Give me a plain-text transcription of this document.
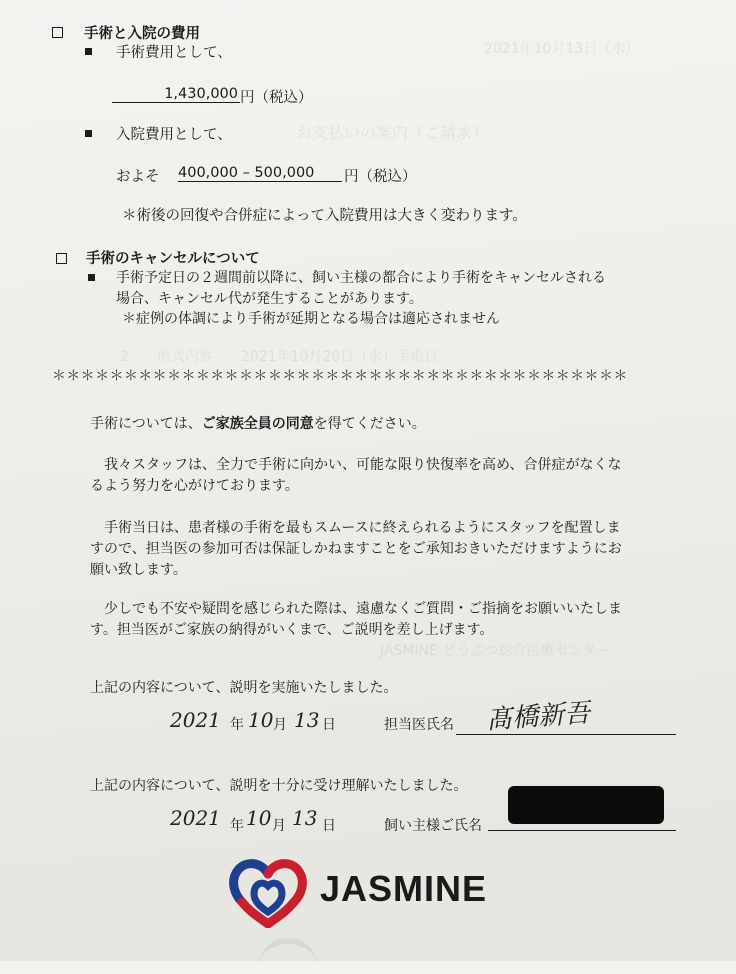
お支払いの案内（ご請求）
2021年10月13日（水）
2　　術式内容　　2021年10月20日（水）手術日
JASMINE どうぶつ総合医療センター
手術と入院の費用
手術費用として、
1,430,000 円（税込）
入院費用として、
およそ 400,000 – 500,000	円（税込）
＊術後の回復や合併症によって入院費用は大きく変わります。
手術のキャンセルについて
手術予定日の２週間前以降に、飼い主様の都合により手術をキャンセルされる
場合、キャンセル代が発生することがあります。
＊症例の体調により手術が延期となる場合は適応されません
＊＊＊＊＊＊＊＊＊＊＊＊＊＊＊＊＊＊＊＊＊＊＊＊＊＊＊＊＊＊＊＊＊＊＊＊＊＊＊＊
手術については、ご家族全員の同意を得てください。
我々スタッフは、全力で手術に向かい、可能な限り快復率を高め、合併症がなくな
るよう努力を心がけております。
手術当日は、患者様の手術を最もスムースに終えられるようにスタッフを配置しま
すので、担当医の参加可否は保証しかねますことをご承知おきいただけますようにお
願い致します。
少しでも不安や疑問を感じられた際は、遠慮なくご質問・ご指摘をお願いいたしま
す。担当医がご家族の納得がいくまで、ご説明を差し上げます。
上記の内容について、説明を実施いたしました。
2021 年 10 月 13 日	担当医氏名 髙橋新吾
上記の内容について、説明を十分に受け理解いたしました。
2021 年 10 月 13 日	飼い主様ご氏名
JASMINE
